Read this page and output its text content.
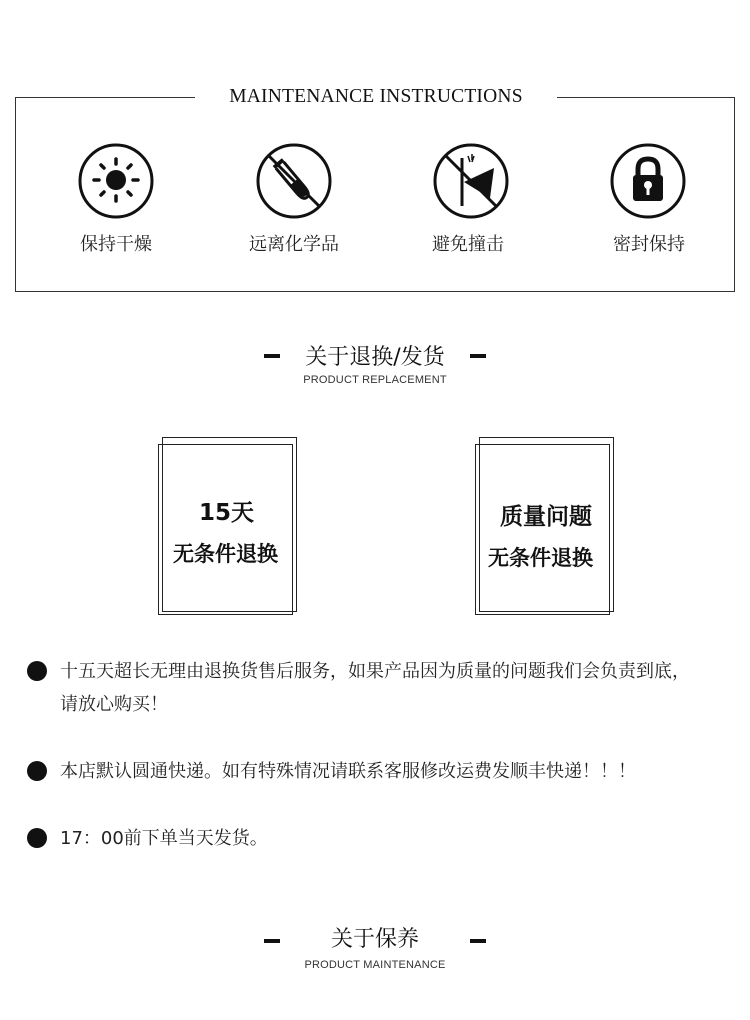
MAINTENANCE INSTRUCTIONS
保持干燥	远离化学品	避免撞击	密封保持
关于退换/发货
PRODUCT REPLACEMENT
15天
无条件退换
质量问题
无条件退换
十五天超长无理由退换货售后服务，如果产品因为质量的问题我们会负责到底，
请放心购买！
本店默认圆通快递。如有特殊情况请联系客服修改运费发顺丰快递！！！
17：00前下单当天发货。
关于保养
PRODUCT MAINTENANCE
